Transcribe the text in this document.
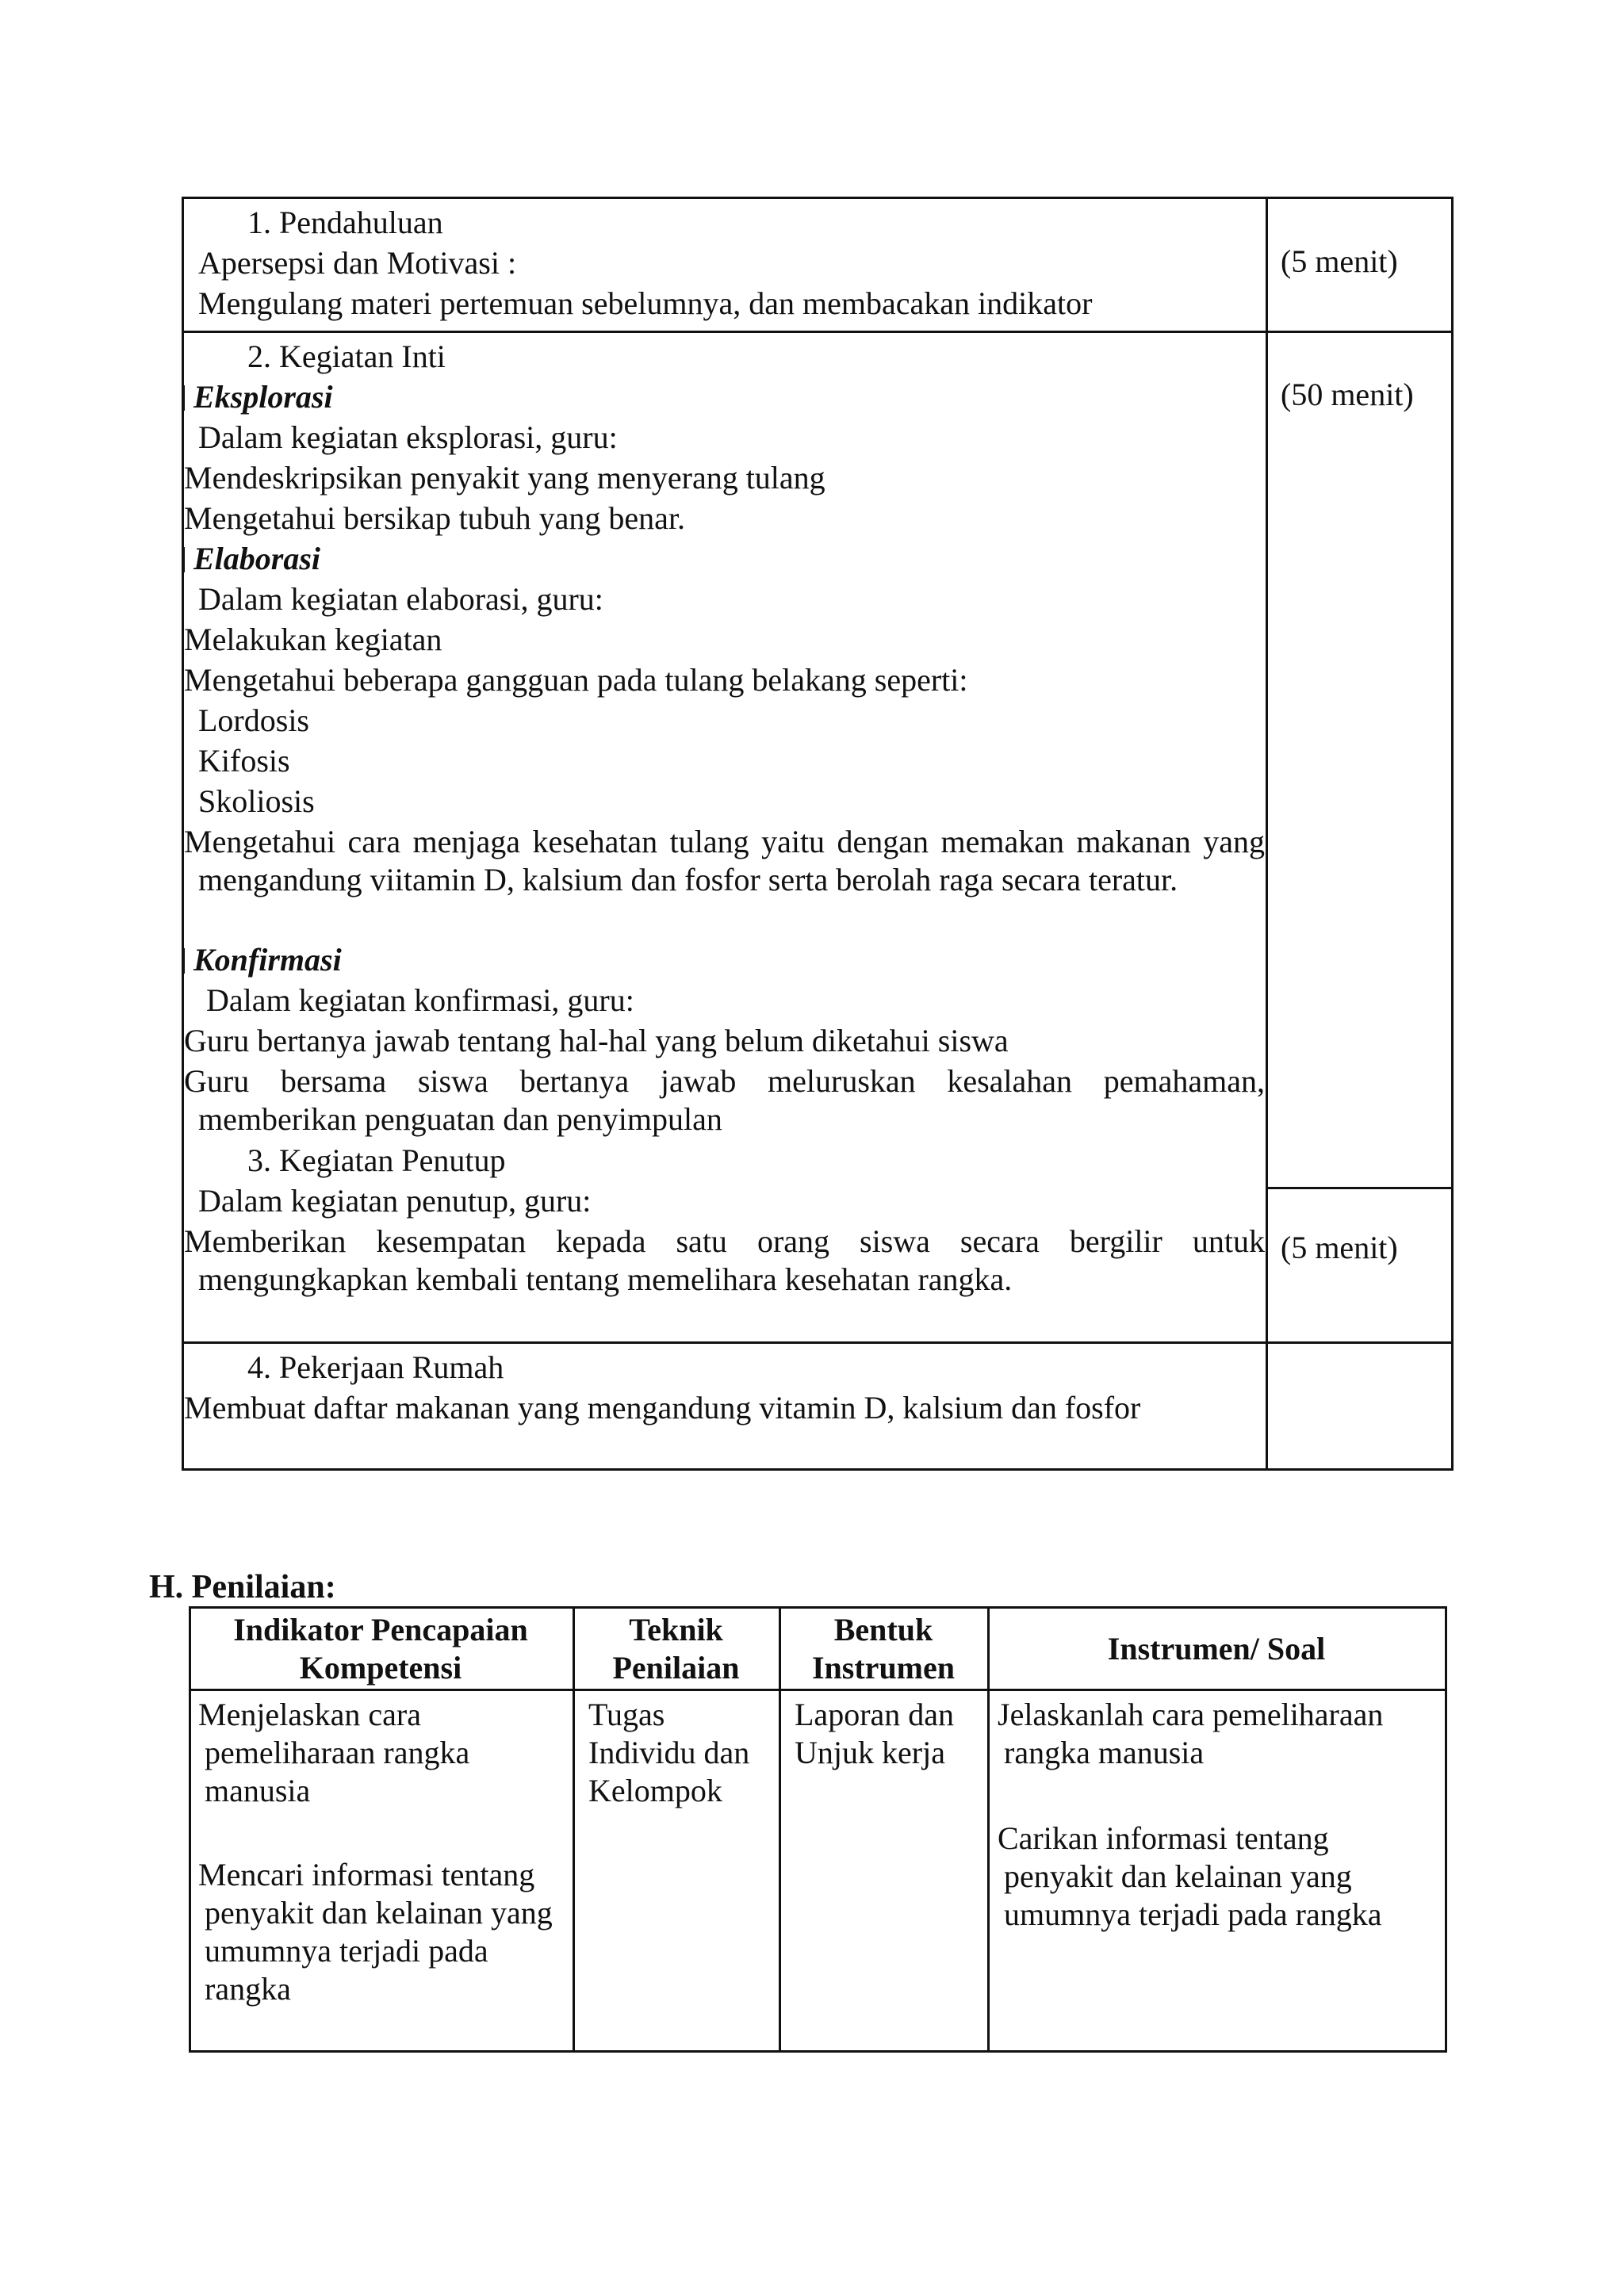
1. Pendahuluan
Apersepsi dan Motivasi :
Mengulang materi pertemuan sebelumnya, dan membacakan indikator
(5 menit)
2. Kegiatan Inti
(50 menit)
Eksplorasi
Dalam kegiatan eksplorasi, guru:
Mendeskripsikan penyakit yang menyerang tulang
Mengetahui bersikap tubuh yang benar.
Elaborasi
Dalam kegiatan elaborasi, guru:
Melakukan kegiatan
Mengetahui beberapa gangguan pada tulang belakang seperti:
Lordosis
Kifosis
Skoliosis
Mengetahui cara menjaga kesehatan tulang yaitu dengan memakan makanan yang mengandung viitamin D, kalsium dan fosfor serta berolah raga secara teratur.
Konfirmasi
Dalam kegiatan konfirmasi, guru:
Guru bertanya jawab tentang hal-hal yang belum diketahui siswa
Guru bersama siswa bertanya jawab meluruskan kesalahan pemahaman, memberikan penguatan dan penyimpulan
3. Kegiatan Penutup
Dalam kegiatan penutup, guru:
Memberikan kesempatan kepada satu orang siswa secara bergilir untuk mengungkapkan kembali tentang memelihara kesehatan rangka.
(5 menit)
4. Pekerjaan Rumah
Membuat daftar makanan yang mengandung vitamin D, kalsium dan fosfor
H. Penilaian:
Indikator Pencapaian Kompetensi
Teknik Penilaian
Bentuk Instrumen
Instrumen/ Soal
Menjelaskan cara pemeliharaan rangka manusia
Mencari informasi tentang penyakit dan kelainan yang umumnya terjadi pada rangka
Tugas Individu dan Kelompok
Laporan dan Unjuk kerja
Jelaskanlah cara pemeliharaan rangka manusia
Carikan informasi tentang penyakit dan kelainan yang umumnya terjadi pada rangka
